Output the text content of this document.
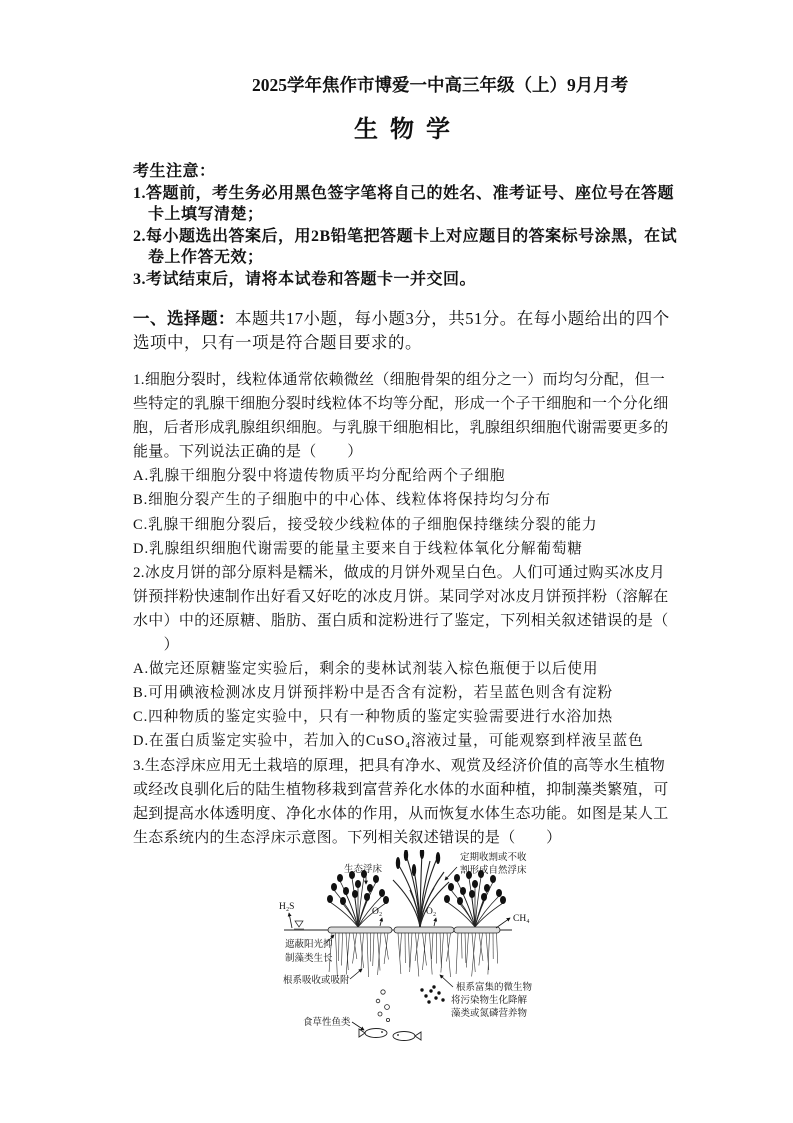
2025学年焦作市博爱一中高三年级（上）9月月考
生 物 学
考生注意：
1.答题前，考生务必用黑色签字笔将自己的姓名、准考证号、座位号在答题
卡上填写清楚；
2.每小题选出答案后，用2B铅笔把答题卡上对应题目的答案标号涂黑，在试
卷上作答无效；
3.考试结束后，请将本试卷和答题卡一并交回。
一、选择题：本题共17小题，每小题3分，共51分。在每小题给出的四个
选项中，只有一项是符合题目要求的。
1.细胞分裂时，线粒体通常依赖微丝（细胞骨架的组分之一）而均匀分配，但一
些特定的乳腺干细胞分裂时线粒体不均等分配，形成一个子干细胞和一个分化细
胞，后者形成乳腺组织细胞。与乳腺干细胞相比，乳腺组织细胞代谢需要更多的
能量。下列说法正确的是（　　）
A.乳腺干细胞分裂中将遗传物质平均分配给两个子细胞
B.细胞分裂产生的子细胞中的中心体、线粒体将保持均匀分布
C.乳腺干细胞分裂后，接受较少线粒体的子细胞保持继续分裂的能力
D.乳腺组织细胞代谢需要的能量主要来自于线粒体氧化分解葡萄糖
2.冰皮月饼的部分原料是糯米，做成的月饼外观呈白色。人们可通过购买冰皮月
饼预拌粉快速制作出好看又好吃的冰皮月饼。某同学对冰皮月饼预拌粉（溶解在
水中）中的还原糖、脂肪、蛋白质和淀粉进行了鉴定，下列相关叙述错误的是（
　　）
A.做完还原糖鉴定实验后，剩余的斐林试剂装入棕色瓶便于以后使用
B.可用碘液检测冰皮月饼预拌粉中是否含有淀粉，若呈蓝色则含有淀粉
C.四种物质的鉴定实验中，只有一种物质的鉴定实验需要进行水浴加热
D.在蛋白质鉴定实验中，若加入的CuSO₄溶液过量，可能观察到样液呈蓝色
3.生态浮床应用无土栽培的原理，把具有净水、观赏及经济价值的高等水生植物
或经改良驯化后的陆生植物移栽到富营养化水体的水面种植，抑制藻类繁殖，可
起到提高水体透明度、净化水体的作用，从而恢复水体生态功能。如图是某人工
生态系统内的生态浮床示意图。下列相关叙述错误的是（　　）
生态浮床
定期收割或不收
割形成自然浮床
H₂S	O₂	O₂
CH₄
遮蔽阳光抑
制藻类生长
根系吸收或吸附
根系富集的微生物
将污染物生化降解
藻类或氮磷营养物
食草性鱼类
